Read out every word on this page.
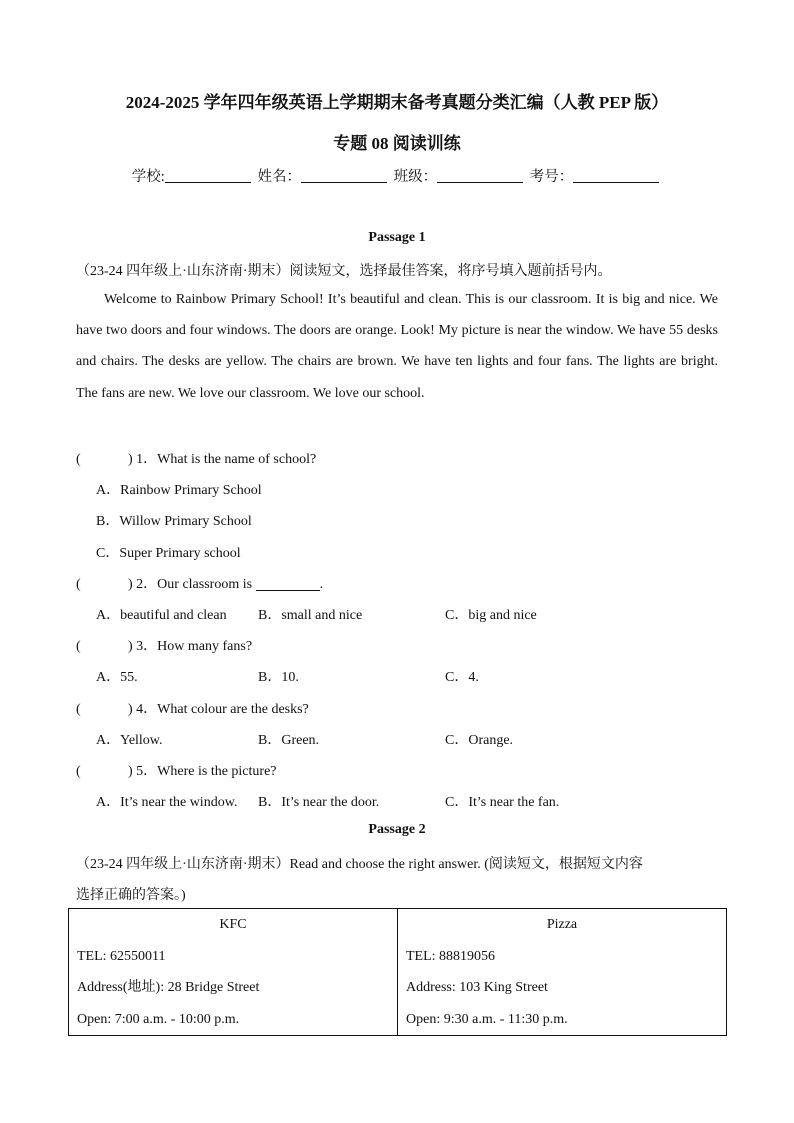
2024-2025 学年四年级英语上学期期末备考真题分类汇编（人教 PEP 版）
专题 08 阅读训练
学校:	姓名：	班级：	考号：
Passage 1
（23-24 四年级上·山东济南·期末）阅读短文，选择最佳答案，将序号填入题前括号内。
Welcome to Rainbow Primary School! It’s beautiful and clean. This is our classroom. It is big and nice. We have two doors and four windows. The doors are orange. Look! My picture is near the window. We have 55 desks and chairs. The desks are yellow. The chairs are brown. We have ten lights and four fans. The lights are bright. The fans are new. We love our classroom. We love our school.
(	) 1．What is the name of school?
A．Rainbow Primary School
B．Willow Primary School
C．Super Primary school
(	) 2．Our classroom is	.
A．beautiful and clean B．small and nice	C．big and nice
(	) 3．How many fans?
A．55.	B．10.	C．4.
(	) 4．What colour are the desks?
A．Yellow.	B．Green.	C．Orange.
(	) 5．Where is the picture?
A．It’s near the window. B．It’s near the door.	C．It’s near the fan.
Passage 2
（23-24 四年级上·山东济南·期末）Read and choose the right answer. (阅读短文，根据短文内容
选择正确的答案。)
KFC
TEL: 62550011
Address(地址): 28 Bridge Street
Open: 7:00 a.m. - 10:00 p.m.

Pizza
TEL: 88819056
Address: 103 King Street
Open: 9:30 a.m. - 11:30 p.m.
